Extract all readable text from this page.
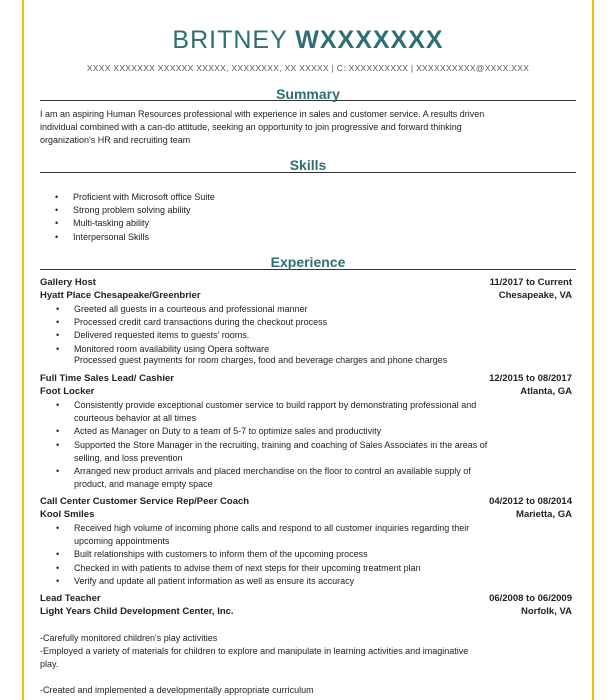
BRITNEY WXXXXXXX
XXXX XXXXXXX XXXXXX XXXXX, XXXXXXXX, XX XXXXX | C: XXXXXXXXXX | XXXXXXXXXX@XXXX.XXX
Summary
I am an aspiring Human Resources professional with experience in sales and customer service. A results driven
individual combined with a can-do attitude, seeking an opportunity to join progressive and forward thinking
organization's HR and recruiting team
Skills
• Proficient with Microsoft office Suite
• Strong problem solving ability
• Multi-tasking ability
• Interpersonal Skills
Experience
Gallery Host	11/2017 to Current
Hyatt Place Chesapeake/Greenbrier	Chesapeake, VA
• Greeted all guests in a courteous and professional manner
• Processed credit card transactions during the checkout process
• Delivered requested items to guests' rooms.
• Monitored room availability using Opera software
Processed guest payments for room charges, food and beverage charges and phone charges
Full Time Sales Lead/ Cashier	12/2015 to 08/2017
Foot Locker	Atlanta, GA
• Consistently provide exceptional customer service to build rapport by demonstrating professional and
courteous behavior at all times
• Acted as Manager on Duty to a team of 5-7 to optimize sales and productivity
• Supported the Store Manager in the recruiting, training and coaching of Sales Associates in the areas of
selling, and loss prevention
• Arranged new product arrivals and placed merchandise on the floor to control an available supply of
product, and manage empty space
Call Center Customer Service Rep/Peer Coach	04/2012 to 08/2014
Kool Smiles	Marietta, GA
• Received high volume of incoming phone calls and respond to all customer inquiries regarding their
upcoming appointments
• Built relationships with customers to inform them of the upcoming process
• Checked in with patients to advise them of next steps for their upcoming treatment plan
• Verify and update all patient information as well as ensure its accuracy
Lead Teacher	06/2008 to 06/2009
Light Years Child Development Center, Inc.	Norfolk, VA
-Carefully monitored children's play activities
-Employed a variety of materials for children to explore and manipulate in learning activities and imaginative
play.
-Created and implemented a developmentally appropriate curriculum
